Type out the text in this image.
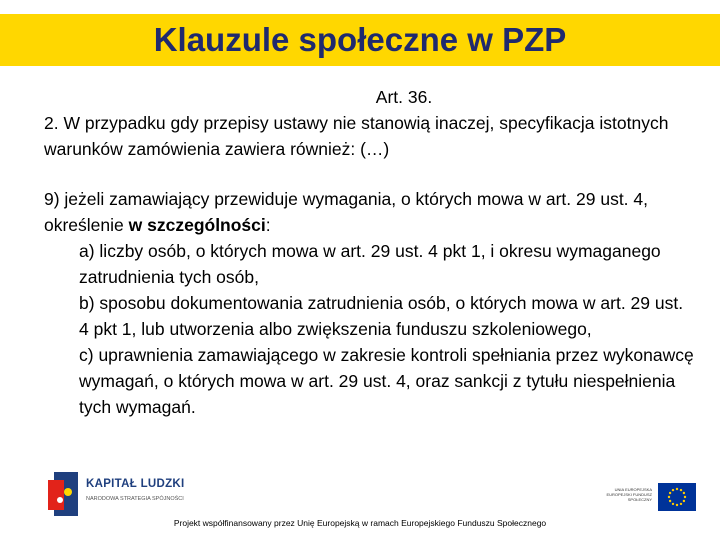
Klauzule społeczne w PZP

Art. 36.

2. W przypadku gdy przepisy ustawy nie stanowią inaczej, specyfikacja istotnych warunków zamówienia zawiera również: (…)

9) jeżeli zamawiający przewiduje wymagania, o których mowa w art. 29 ust. 4, określenie w szczególności:

a) liczby osób, o których mowa w art. 29 ust. 4 pkt 1, i okresu wymaganego zatrudnienia tych osób,

b) sposobu dokumentowania zatrudnienia osób, o których mowa w art. 29 ust. 4 pkt 1, lub utworzenia albo zwiększenia funduszu szkoleniowego,

c) uprawnienia zamawiającego w zakresie kontroli spełniania przez wykonawcę wymagań, o których mowa w art. 29 ust. 4, oraz sankcji z tytułu niespełnienia tych wymagań.

KAPITAŁ LUDZKI
NARODOWA STRATEGIA SPÓJNOŚCI
UNIA EUROPEJSKA EUROPEJSKI FUNDUSZ SPOŁECZNY
Projekt współfinansowany przez Unię Europejską w ramach Europejskiego Funduszu Społecznego
